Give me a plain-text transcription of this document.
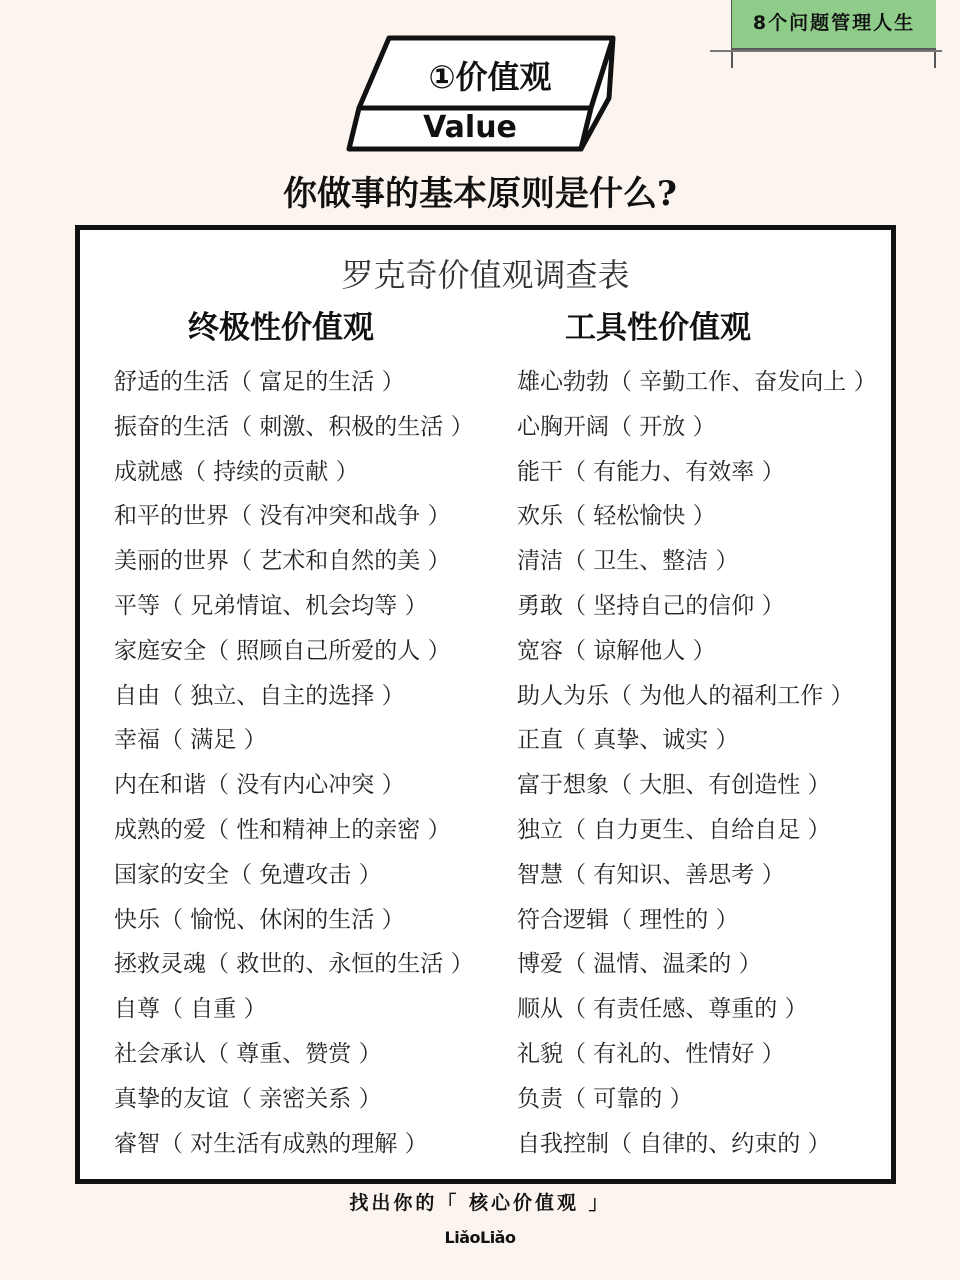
8个问题管理人生
①价值观
Value
你做事的基本原则是什么?
罗克奇价值观调查表
终极性价值观	工具性价值观
舒适的生活（ 富足的生活 ）
振奋的生活（ 刺激、积极的生活 ）
成就感（ 持续的贡献 ）
和平的世界（ 没有冲突和战争 ）
美丽的世界（ 艺术和自然的美 ）
平等（ 兄弟情谊、机会均等 ）
家庭安全（ 照顾自己所爱的人 ）
自由（ 独立、自主的选择 ）
幸福（ 满足 ）
内在和谐（ 没有内心冲突 ）
成熟的爱（ 性和精神上的亲密 ）
国家的安全（ 免遭攻击 ）
快乐（ 愉悦、休闲的生活 ）
拯救灵魂（ 救世的、永恒的生活 ）
自尊（ 自重 ）
社会承认（ 尊重、赞赏 ）
真挚的友谊（ 亲密关系 ）
睿智（ 对生活有成熟的理解 ）
雄心勃勃（ 辛勤工作、奋发向上 ）
心胸开阔（ 开放 ）
能干（ 有能力、有效率 ）
欢乐（ 轻松愉快 ）
清洁（ 卫生、整洁 ）
勇敢（ 坚持自己的信仰 ）
宽容（ 谅解他人 ）
助人为乐（ 为他人的福利工作 ）
正直（ 真挚、诚实 ）
富于想象（ 大胆、有创造性 ）
独立（ 自力更生、自给自足 ）
智慧（ 有知识、善思考 ）
符合逻辑（ 理性的 ）
博爱（ 温情、温柔的 ）
顺从（ 有责任感、尊重的 ）
礼貌（ 有礼的、性情好 ）
负责（ 可靠的 ）
自我控制（ 自律的、约束的 ）
找出你的「 核心价值观 」
LiǎoLiǎo
